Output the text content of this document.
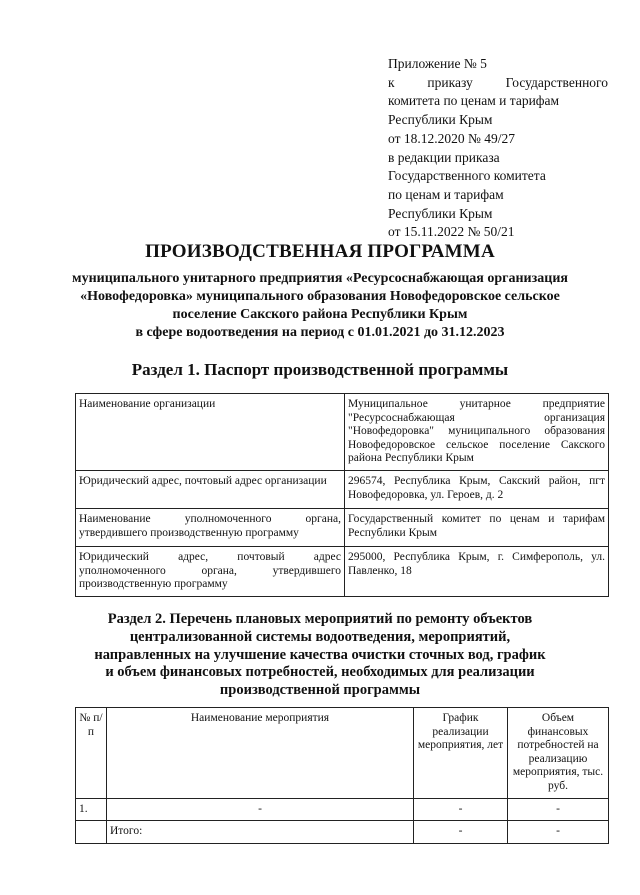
Приложение № 5
к приказу Государственного
комитета по ценам и тарифам
Республики Крым
от 18.12.2020 № 49/27
в редакции приказа
Государственного комитета
по ценам и тарифам
Республики Крым
от 15.11.2022 № 50/21
ПРОИЗВОДСТВЕННАЯ ПРОГРАММА
муниципального унитарного предприятия «Ресурсоснабжающая организация
«Новофедоровка» муниципального образования Новофедоровское сельское
поселение Сакского района Республики Крым
в сфере водоотведения на период с 01.01.2021 до 31.12.2023
Раздел 1. Паспорт производственной программы
Наименование организации	Муниципальное унитарное предприятие "Ресурсоснабжающая организация "Новофедоровка" муниципального образования Новофедоровское сельское поселение Сакского района Республики Крым
Юридический адрес, почтовый адрес организации	296574, Республика Крым, Сакский район, пгт Новофедоровка, ул. Героев, д. 2
Наименование уполномоченного органа, утвердившего производственную программу	Государственный комитет по ценам и тарифам Республики Крым
Юридический адрес, почтовый адрес уполномоченного органа, утвердившего производственную программу	295000, Республика Крым, г. Симферополь, ул. Павленко, 18
Раздел 2. Перечень плановых мероприятий по ремонту объектов
централизованной системы водоотведения, мероприятий,
направленных на улучшение качества очистки сточных вод, график
и объем финансовых потребностей, необходимых для реализации
производственной программы
№ п/п	Наименование мероприятия	График реализации мероприятия, лет	Объем финансовых потребностей на реализацию мероприятия, тыс. руб.
1.	-	-	-
	Итого:	-	-
